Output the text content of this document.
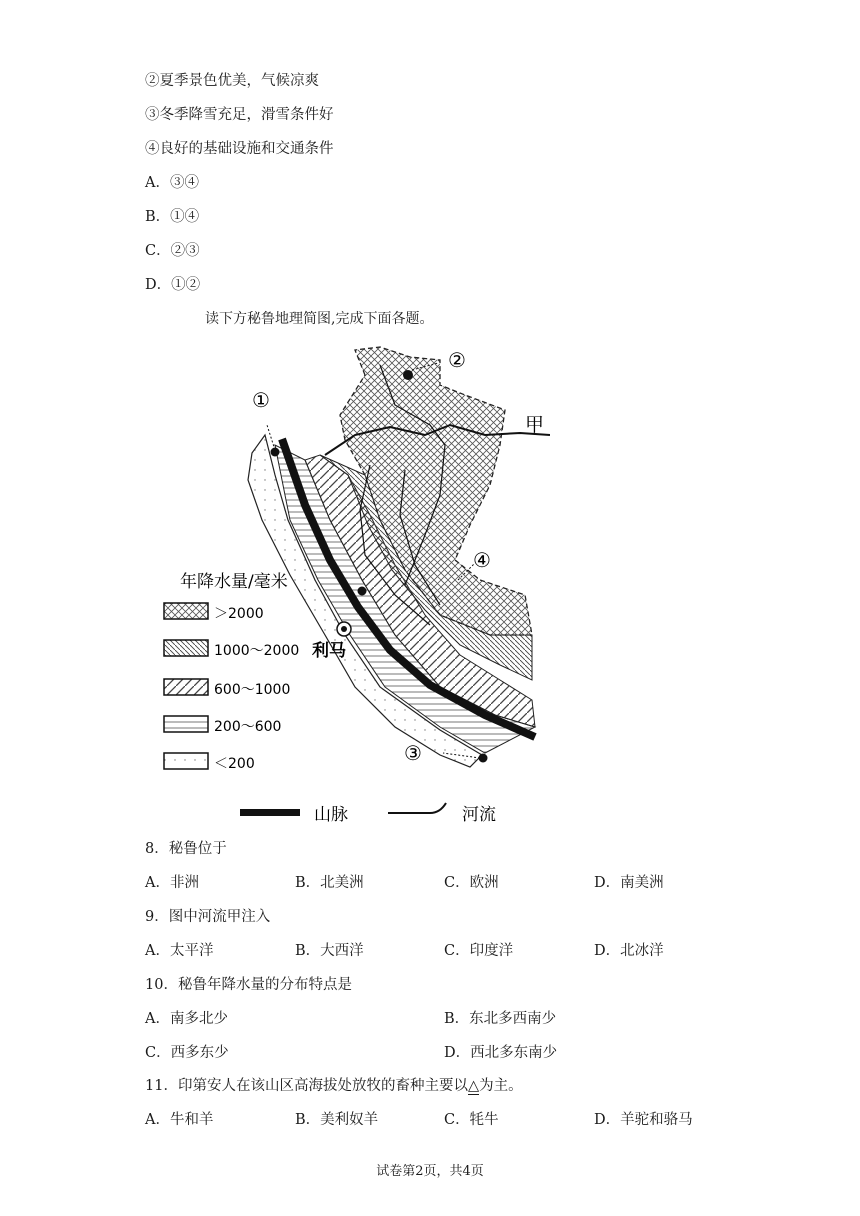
②夏季景色优美，气候凉爽
③冬季降雪充足，滑雪条件好
④良好的基础设施和交通条件
A．③④
B．①④
C．②③
D．①②
读下方秘鲁地理简图,完成下面各题。
①
②
④
③
甲
利马
年降水量/毫米
＞2000
1000～2000
600～1000
200～600
＜200
山脉	河流
8．秘鲁位于
A．非洲	B．北美洲	C．欧洲	D．南美洲
9．图中河流甲注入
A．太平洋	B．大西洋	C．印度洋	D．北冰洋
10．秘鲁年降水量的分布特点是
A．南多北少	B．东北多西南少
C．西多东少	D．西北多东南少
11．印第安人在该山区高海拔处放牧的畜种主要以△为主。
A．牛和羊	B．美利奴羊	C．牦牛	D．羊驼和骆马
试卷第2页，共4页
